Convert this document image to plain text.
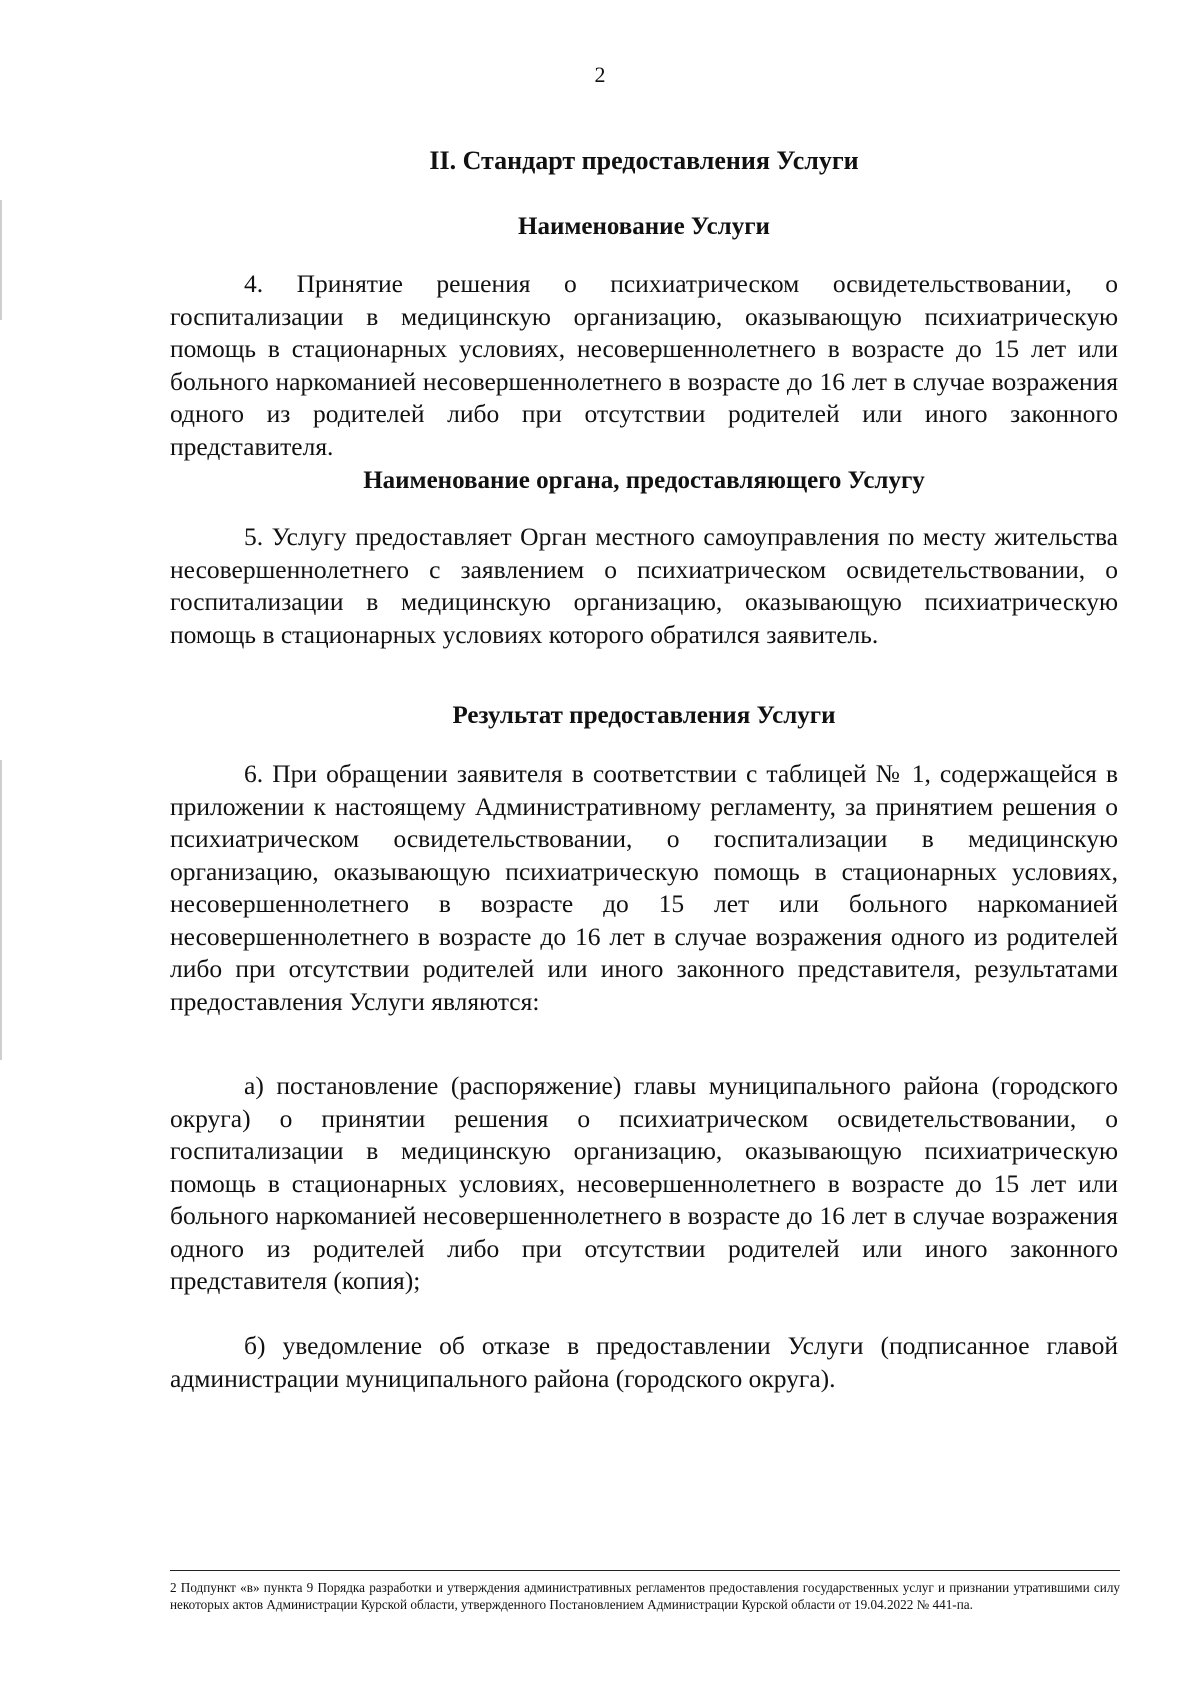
2
II. Стандарт предоставления Услуги
Наименование Услуги

4. Принятие решения о психиатрическом освидетельствовании, о госпитализации в медицинскую организацию, оказывающую психиатрическую помощь в стационарных условиях, несовершеннолетнего в возрасте до 15 лет или больного наркоманией несовершеннолетнего в возрасте до 16 лет в случае возражения одного из родителей либо при отсутствии родителей или иного законного представителя.

Наименование органа, предоставляющего Услугу

5. Услугу предоставляет Орган местного самоуправления по месту жительства несовершеннолетнего с заявлением о психиатрическом освидетельствовании, о госпитализации в медицинскую организацию, оказывающую психиатрическую помощь в стационарных условиях которого обратился заявитель.

Результат предоставления Услуги

6. При обращении заявителя в соответствии с таблицей № 1, содержащейся в приложении к настоящему Административному регламенту, за принятием решения о психиатрическом освидетельствовании, о госпитализации в медицинскую организацию, оказывающую психиатрическую помощь в стационарных условиях, несовершеннолетнего в возрасте до 15 лет или больного наркоманией несовершеннолетнего в возрасте до 16 лет в случае возражения одного из родителей либо при отсутствии родителей или иного законного представителя, результатами предоставления Услуги являются:

а) постановление (распоряжение) главы муниципального района (городского округа) о принятии решения о психиатрическом освидетельствовании, о госпитализации в медицинскую организацию, оказывающую психиатрическую помощь в стационарных условиях, несовершеннолетнего в возрасте до 15 лет или больного наркоманией несовершеннолетнего в возрасте до 16 лет в случае возражения одного из родителей либо при отсутствии родителей или иного законного представителя (копия);

б) уведомление об отказе в предоставлении Услуги (подписанное главой администрации муниципального района (городского округа).

2 Подпункт «в» пункта 9 Порядка разработки и утверждения административных регламентов предоставления государственных услуг и признании утратившими силу некоторых актов Администрации Курской области, утвержденного Постановлением Администрации Курской области от 19.04.2022 № 441-па.
